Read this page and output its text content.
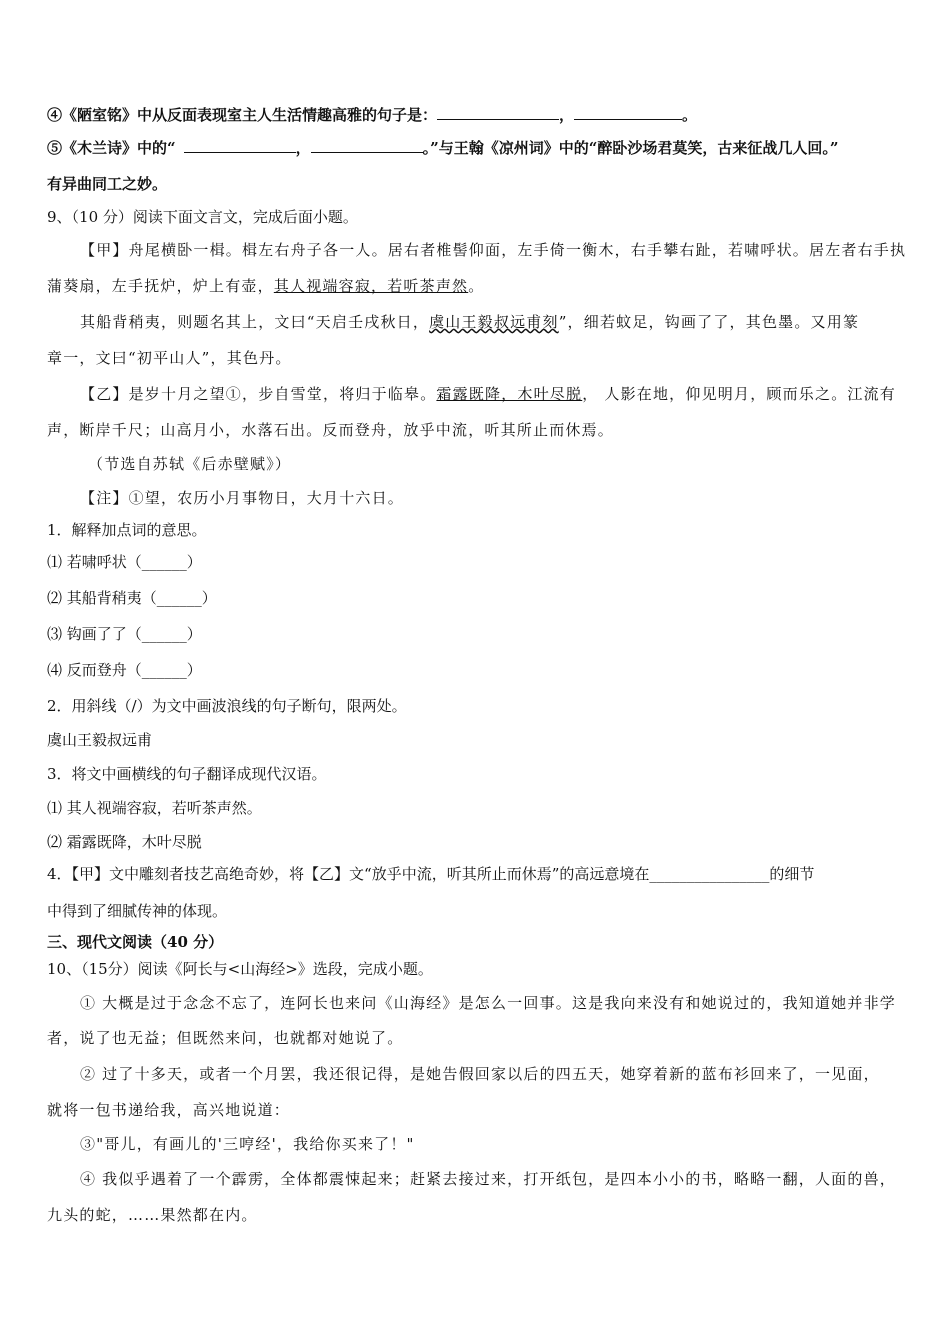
④《陋室铭》中从反面表现室主人生活情趣高雅的句子是：	，	。
⑤《木兰诗》中的“	，	。”与王翰《凉州词》中的“醉卧沙场君莫笑，古来征战几人回。”
有异曲同工之妙。
9、（10 分）阅读下面文言文，完成后面小题。
【甲】舟尾横卧一楫。楫左右舟子各一人。居右者椎髻仰面，左手倚一衡木，右手攀右趾，若啸呼状。居左者右手执
蒲葵扇，左手抚炉，炉上有壶，其人视端容寂，若听茶声然。
其船背稍夷，则题名其上，文曰“天启壬戌秋日，虞山王毅叔远甫刻”，细若蚊足，钩画了了，其色墨。又用篆
章一，文曰“初平山人”，其色丹。
【乙】是岁十月之望①，步自雪堂，将归于临皋。霜露既降，木叶尽脱， 人影在地，仰见明月，顾而乐之。江流有
声，断岸千尺；山高月小，水落石出。反而登舟，放乎中流，听其所止而休焉。
（节选自苏轼《后赤壁赋》）
【注】①望，农历小月事物日，大月十六日。
1．解释加点词的意思。
⑴ 若啸呼状（______）
⑵ 其船背稍夷（______）
⑶ 钩画了了（______）
⑷ 反而登舟（______）
2．用斜线（/）为文中画波浪线的句子断句，限两处。
虞山王毅叔远甫
3．将文中画横线的句子翻译成现代汉语。
⑴ 其人视端容寂，若听茶声然。
⑵ 霜露既降，木叶尽脱
4．【甲】文中雕刻者技艺高绝奇妙，将【乙】文“放乎中流，听其所止而休焉”的高远意境在________________的细节
中得到了细腻传神的体现。
三、现代文阅读（40 分）
10、（15分）阅读《阿长与<山海经>》选段，完成小题。
① 大概是过于念念不忘了，连阿长也来问《山海经》是怎么一回事。这是我向来没有和她说过的，我知道她并非学
者，说了也无益；但既然来问，也就都对她说了。
② 过了十多天，或者一个月罢，我还很记得，是她告假回家以后的四五天，她穿着新的蓝布衫回来了，一见面，
就将一包书递给我，高兴地说道：
③"哥儿，有画儿的'三哼经'，我给你买来了！"
④ 我似乎遇着了一个霹雳，全体都震悚起来；赶紧去接过来，打开纸包，是四本小小的书，略略一翻，人面的兽，
九头的蛇，……果然都在内。
